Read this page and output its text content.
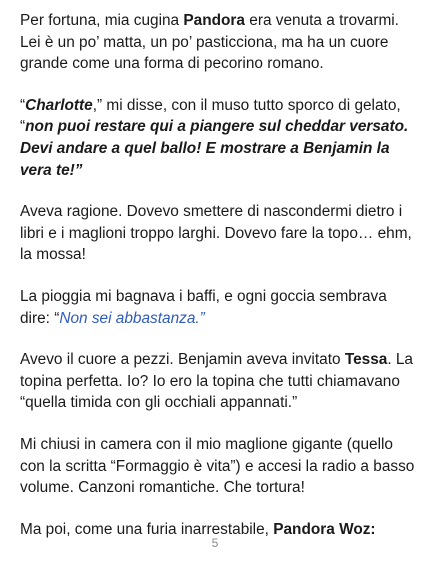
Per fortuna, mia cugina Pandora era venuta a trovarmi. Lei è un po’ matta, un po’ pasticciona, ma ha un cuore grande come una forma di pecorino romano.

“Charlotte,” mi disse, con il muso tutto sporco di gelato, “non puoi restare qui a piangere sul cheddar versato. Devi andare a quel ballo! E mostrare a Benjamin la vera te!”

Aveva ragione. Dovevo smettere di nascondermi dietro i libri e i maglioni troppo larghi. Dovevo fare la topo… ehm, la mossa!

La pioggia mi bagnava i baffi, e ogni goccia sembrava dire: “Non sei abbastanza.”

Avevo il cuore a pezzi. Benjamin aveva invitato Tessa. La topina perfetta. Io? Io ero la topina che tutti chiamavano “quella timida con gli occhiali appannati.”

Mi chiusi in camera con il mio maglione gigante (quello con la scritta “Formaggio è vita”) e accesi la radio a basso volume. Canzoni romantiche. Che tortura!

Ma poi, come una furia inarrestabile, Pandora Woz:

5
